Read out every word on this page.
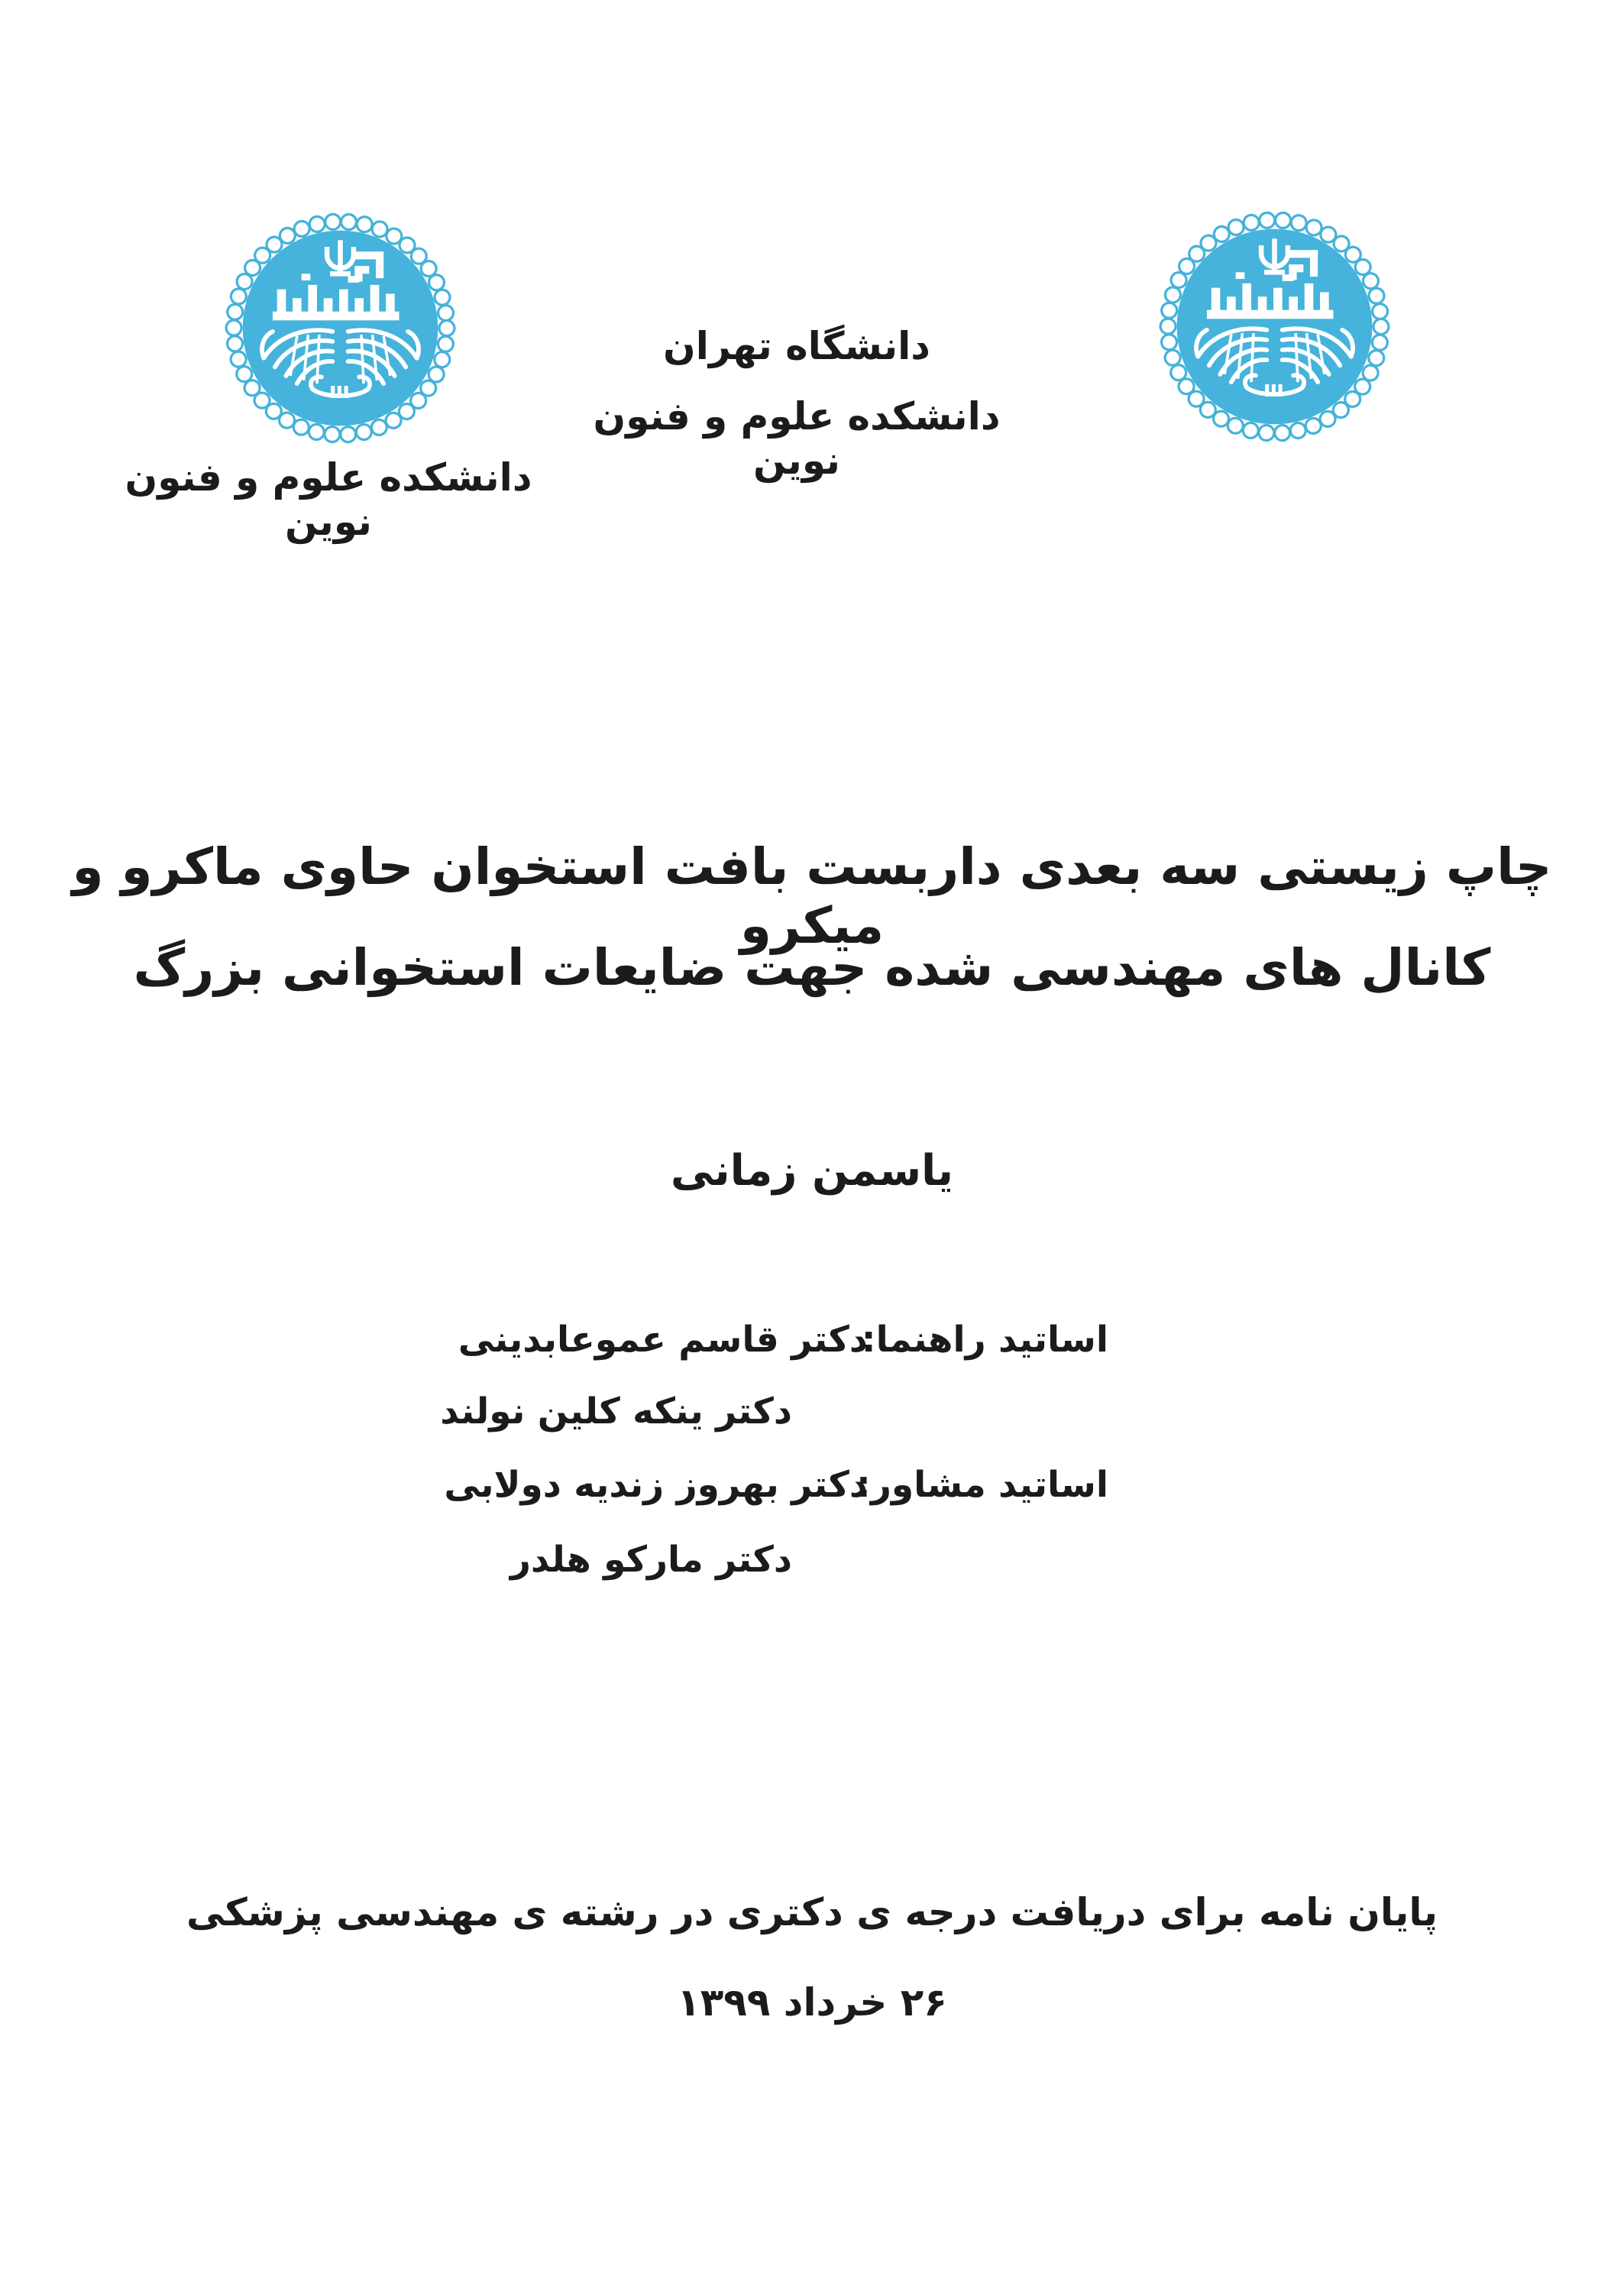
دانشکده علوم و فنون نوین
دانشگاه تهران
دانشکده علوم و فنون نوین
چاپ زیستی سه بعدی داربست بافت استخوان حاوی ماکرو و میکرو
کانال های مهندسی شده جهت ضایعات استخوانی بزرگ
یاسمن زمانی
اساتید راهنما:
دکتر قاسم عموعابدینی
دکتر ینکه کلین نولند
اساتید مشاور:
دکتر بهروز زندیه دولابی
دکتر مارکو هلدر
پایان نامه برای دریافت درجه ی دکتری در رشته ی مهندسی پزشکی
۲۶ خرداد ۱۳۹۹
